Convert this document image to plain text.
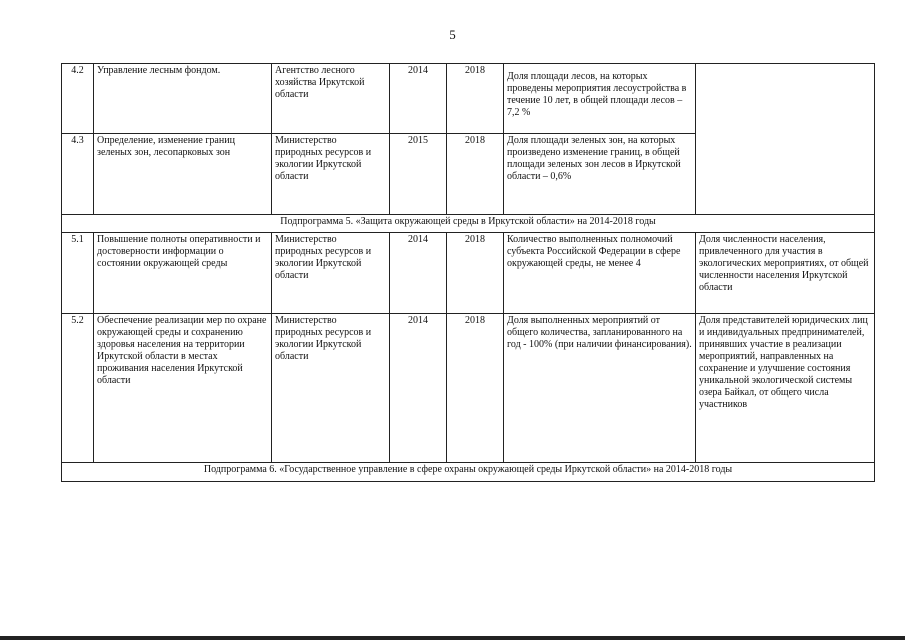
5
4.2	Управление лесным фондом.	Агентство лесного хозяйства Иркутской области	2014	2018	Доля площади лесов, на которых проведены мероприятия лесоустройства в течение 10 лет, в общей площади лесов – 7,2 %	
4.3	Определение, изменение границ зеленых зон, лесопарковых зон	Министерство природных ресурсов и экологии Иркутской области	2015	2018	Доля площади зеленых зон, на которых произведено изменение границ, в общей площади зеленых зон лесов в Иркутской области – 0,6%	
Подпрограмма 5. «Защита окружающей среды в Иркутской области» на 2014-2018 годы						
5.1	Повышение полноты оперативности и достоверности информации о состоянии окружающей среды	Министерство природных ресурсов и экологии Иркутской области	2014	2018	Количество выполненных полномочий субъекта Российской Федерации в сфере окружающей среды, не менее 4	Доля численности населения, привлеченного для участия в экологических мероприятиях, от общей численности населения Иркутской области
5.2	Обеспечение реализации мер по охране окружающей среды и сохранению здоровья населения на территории Иркутской области в местах проживания населения Иркутской области	Министерство природных ресурсов и экологии Иркутской области	2014	2018	Доля выполненных мероприятий от общего количества, запланированного на год - 100% (при наличии финансирования).	Доля представителей юридических лиц и индивидуальных предпринимателей, принявших участие в реализации мероприятий, направленных на сохранение и улучшение состояния уникальной экологической системы озера Байкал, от общего числа участников
Подпрограмма 6. «Государственное управление в сфере охраны окружающей среды Иркутской области» на 2014-2018 годы						
